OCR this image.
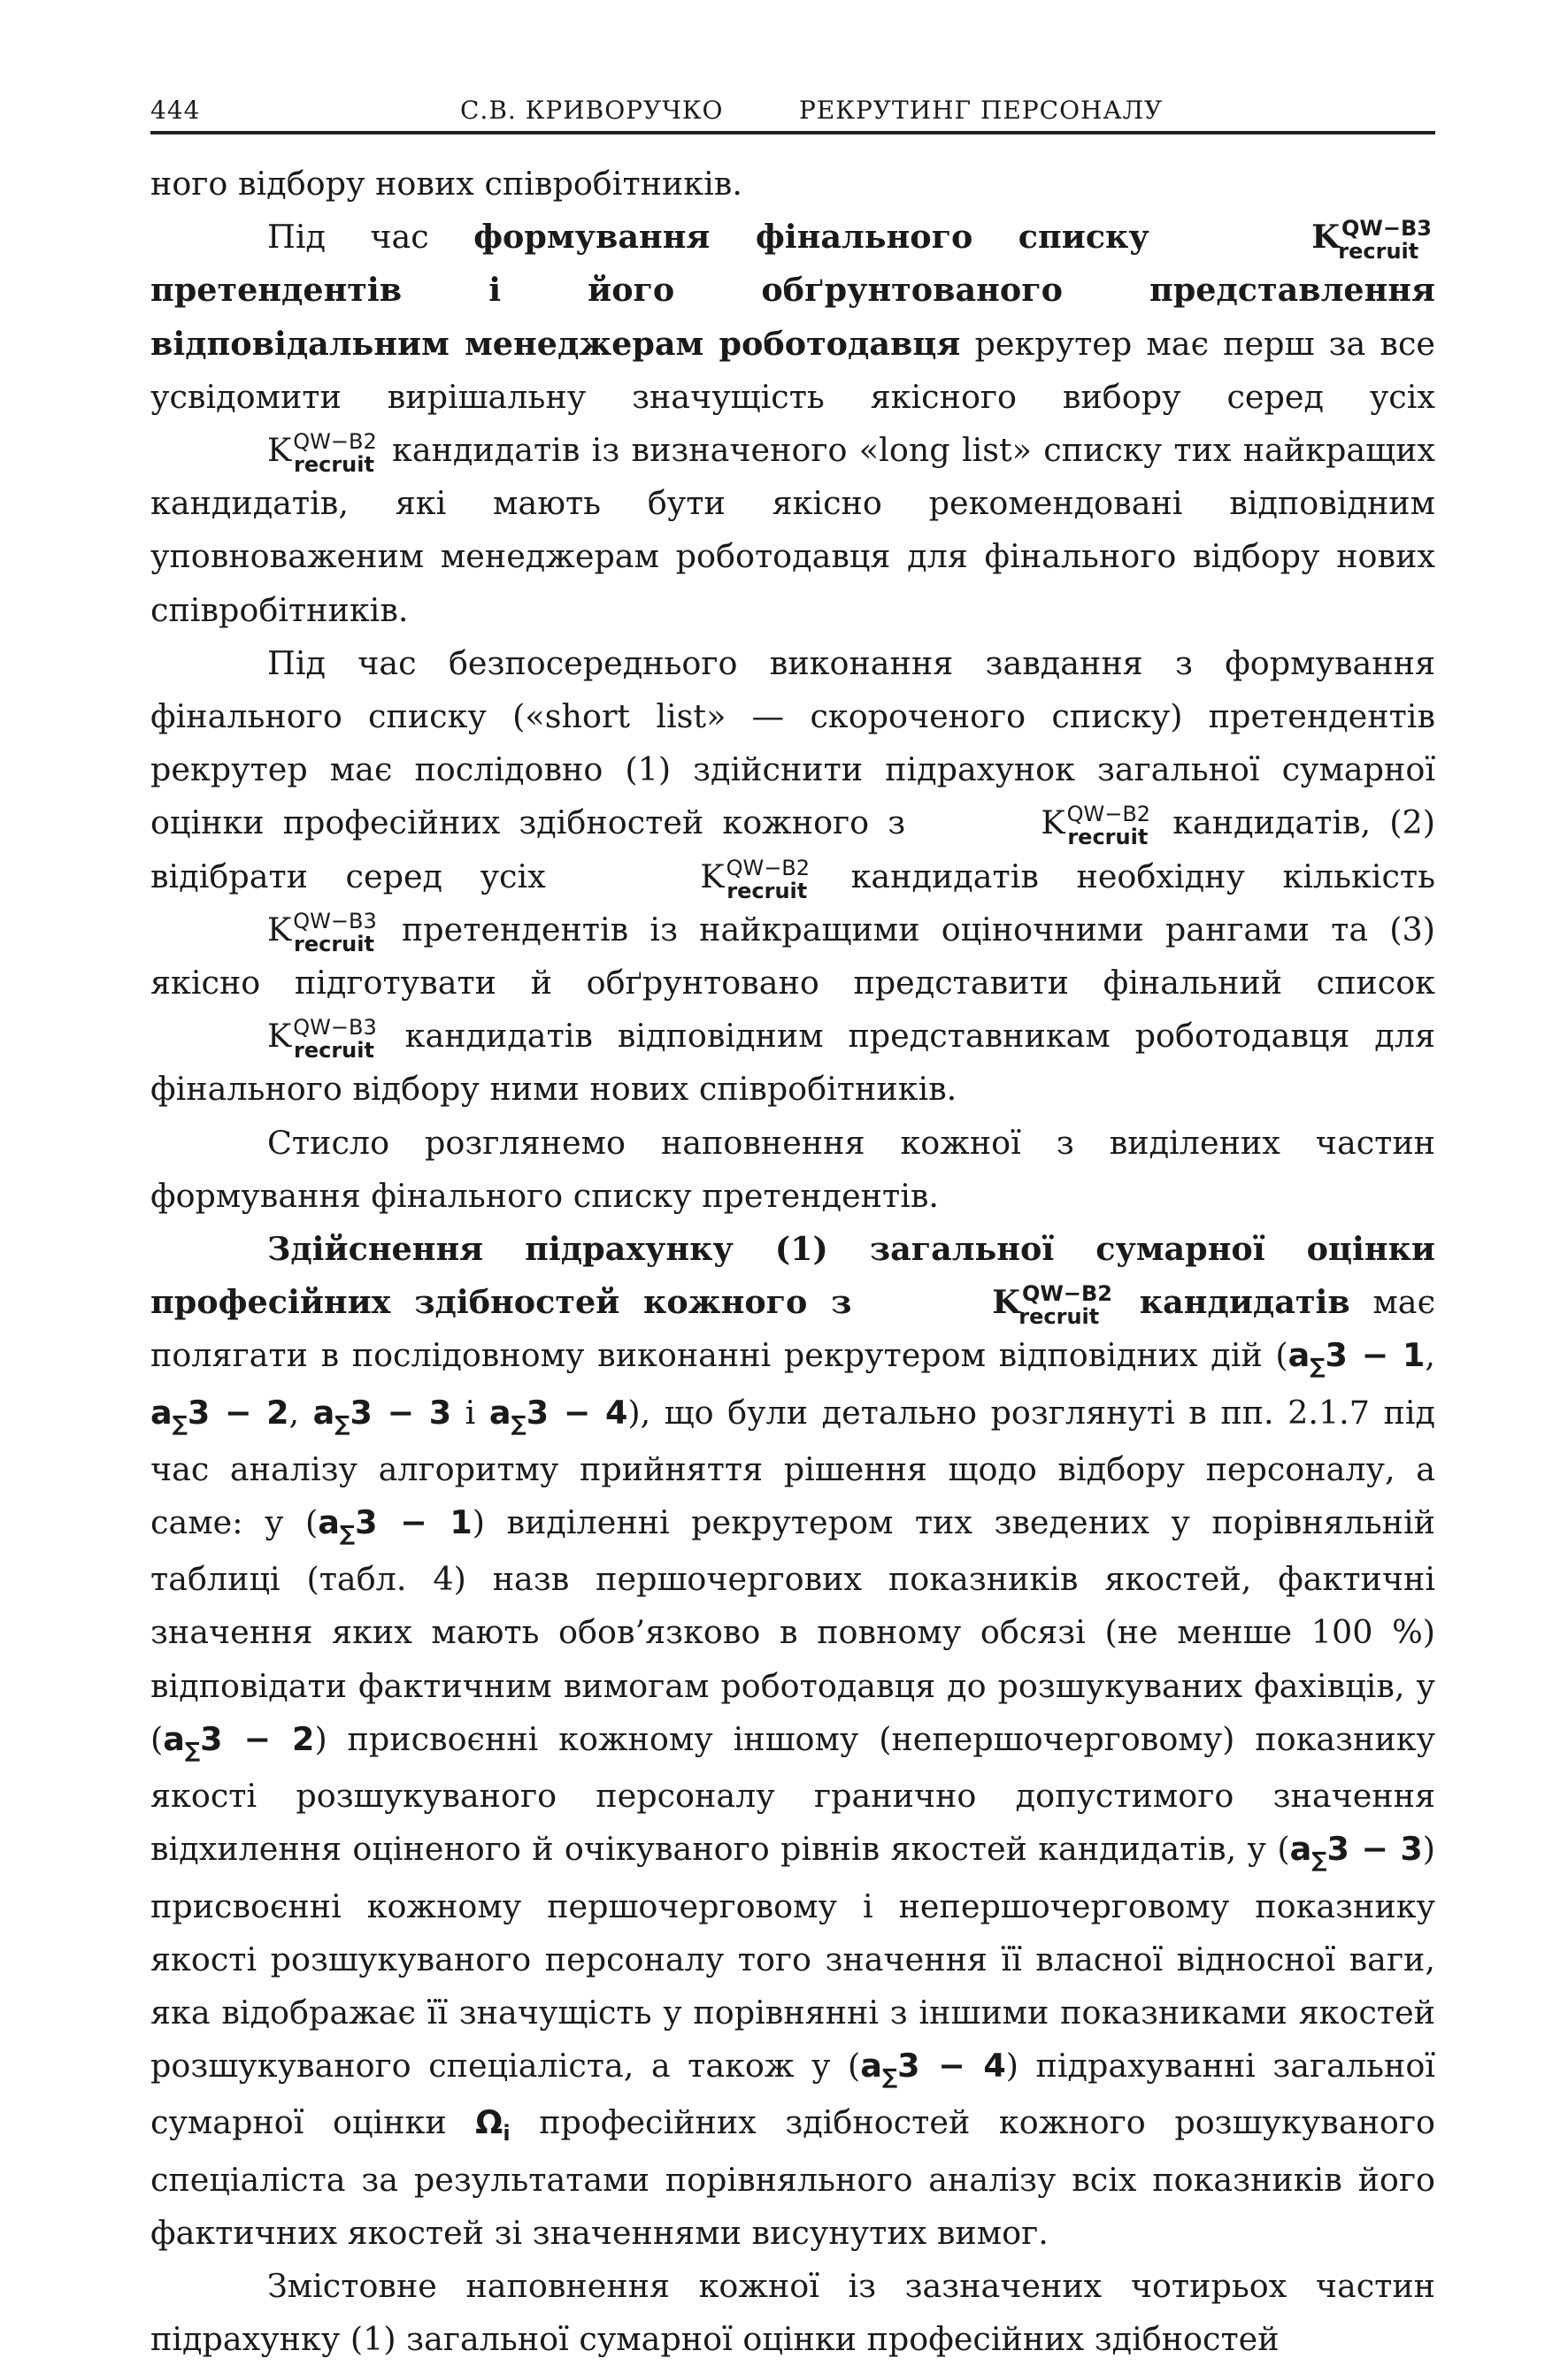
444	С.В. КРИВОРУЧКО	РЕКРУТИНГ ПЕРСОНАЛУ

ного відбору нових співробітників.

Під час формування фінального списку	$K^{QW-B3}$
recruit
претендентів і його обґрунтованого представлення відповідальним менеджерам роботодавця рекрутер має перш за все усвідомити вирішальну значущість якісного вибору серед усіх $K^{QW-B2}$
recruit кандидатів із визначеного «long list» списку тих найкращих кандидатів, які мають бути якісно рекомендовані відповідним уповноваженим менеджерам роботодавця для фінального відбору нових співробітників.

Під час безпосереднього виконання завдання з формування фінального списку («short list» — скороченого списку) претендентів рекрутер має послідовно (1) здійснити підрахунок загальної сумарної оцінки професійних здібностей кожного з	$K^{QW-B2}$
recruit кандидатів, (2) відібрати серед усіх	$K^{QW-B2}$
recruit кандидатів необхідну кількість $K^{QW-B3}$
recruit претендентів із найкращими оціночними рангами та (3) якісно підготувати й обґрунтовано представити фінальний список $K^{QW-B3}$
recruit кандидатів відповідним представникам роботодавця для фінального відбору ними нових співробітників.

Стисло розглянемо наповнення кожної з виділених частин формування фінального списку претендентів.

Здійснення підрахунку (1) загальної сумарної оцінки професійних здібностей кожного з	$K^{QW-B2}$
recruit кандидатів має полягати в послідовному виконанні рекрутером відповідних дій ($a_\sum 3 - 1$, $a_\sum 3 - 2$, $a_\sum 3 - 3$ і $a_\sum 3 - 4$), що були детально розглянуті в пп. 2.1.7 під час аналізу алгоритму прийняття рішення щодо відбору персоналу, а саме: у $(a_\sum 3 - 1)$ виділенні рекрутером тих зведених у порівняльній таблиці (табл. 4) назв першочергових показників якостей, фактичні значення яких мають обов’язково в повному обсязі (не менше 100 %) відповідати фактичним вимогам роботодавця до розшукуваних фахівців, у $(a_\sum 3 - 2)$ присвоєнні кожному іншому (непершочерговому) показнику якості розшукуваного персоналу гранично допустимого значення відхилення оціненого й очікуваного рівнів якостей кандидатів, у $(a_\sum 3 - 3)$ присвоєнні кожному першочерговому і непершочерговому показнику якості розшукуваного персоналу того значення її власної відносної ваги, яка відображає її значущість у порівнянні з іншими показниками якостей розшукуваного спеціаліста, а також у $(a_\sum 3 - 4)$ підрахуванні загальної сумарної оцінки $\Omega_i$ професійних здібностей кожного розшукуваного спеціаліста за результатами порівняльного аналізу всіх показників його фактичних якостей зі значеннями висунутих вимог.

Змістовне наповнення кожної із зазначених чотирьох частин підрахунку (1) загальної сумарної оцінки професійних здібностей
